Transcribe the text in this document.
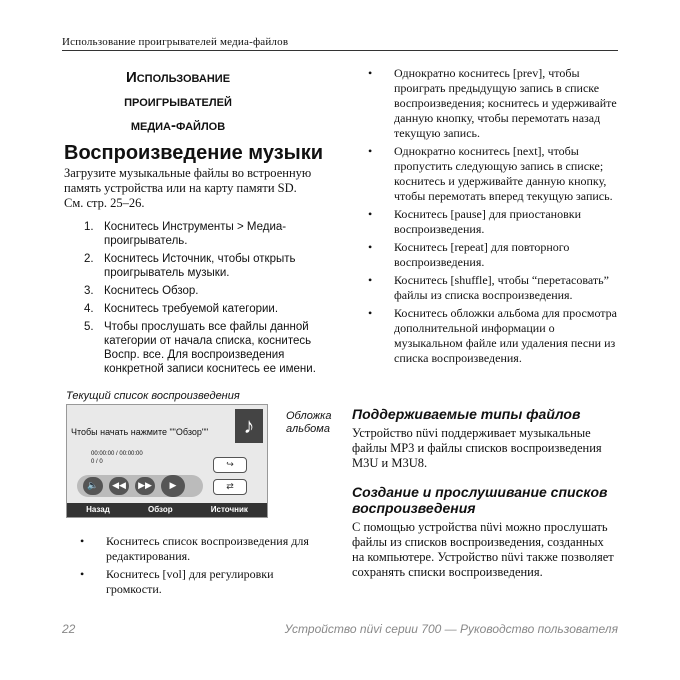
Использование проигрывателей медиа-файлов
Использование
проигрывателей
медиа-файлов
Воспроизведение музыки
Загрузите музыкальные файлы во встроенную
память устройства или на карту памяти SD.
См. стр. 25–26.
1. Коснитесь Инструменты > Медиа-проигрыватель.
2. Коснитесь Источник, чтобы открыть проигрыватель музыки.
3. Коснитесь Обзор.
4. Коснитесь требуемой категории.
5. Чтобы прослушать все файлы данной категории от начала списка, коснитесь Воспр. все. Для воспроизведения конкретной записи коснитесь ее имени.
Текущий список воспроизведения
Обложка
альбома
Чтобы начать нажмите ""Обзор""	♪
00:00:00 / 00:00:00
0 / 0
🔈	◀◀	▶▶	▶
↪
⇄
Назад	Обзор	Источник
•	Коснитесь список воспроизведения для редактирования.
•	Коснитесь [vol] для регулировки громкости.
•	Однократно коснитесь [prev], чтобы проиграть предыдущую запись в списке воспроизведения; коснитесь и удерживайте данную кнопку, чтобы перемотать назад текущую запись.
•	Однократно коснитесь [next], чтобы пропустить следующую запись в списке; коснитесь и удерживайте данную кнопку, чтобы перемотать вперед текущую запись.
•	Коснитесь [pause] для приостановки воспроизведения.
•	Коснитесь [repeat] для повторного воспроизведения.
•	Коснитесь [shuffle], чтобы “перетасовать” файлы из списка воспроизведения.
•	Коснитесь обложки альбома для просмотра дополнительной информации о музыкальном файле или удаления песни из списка воспроизведения.
Поддерживаемые типы файлов
Устройство nüvi поддерживает музыкальные файлы MP3 и файлы списков воспроизведения M3U и M3U8.
Создание и прослушивание списков воспроизведения
С помощью устройства nüvi можно прослушать файлы из списков воспроизведения, созданных на компьютере. Устройство nüvi также позволяет сохранять списки воспроизведения.
22	Устройство nüvi серии 700 — Руководство пользователя
